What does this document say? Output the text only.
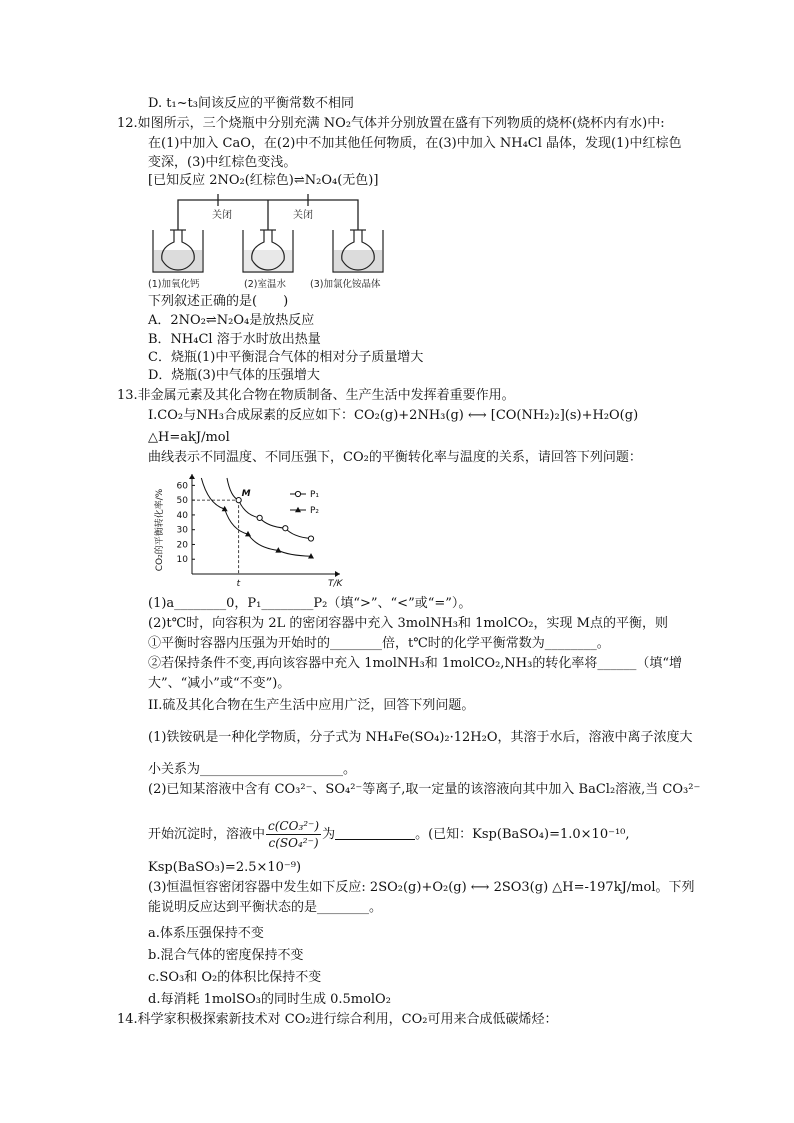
D. t₁~t₃间该反应的平衡常数不相同
12.如图所示，三个烧瓶中分别充满 NO₂气体并分别放置在盛有下列物质的烧杯(烧杯内有水)中:
在(1)中加入 CaO，在(2)中不加其他任何物质，在(3)中加入 NH₄Cl 晶体，发现(1)中红棕色
变深，(3)中红棕色变浅。
[已知反应 2NO₂(红棕色)⇌N₂O₄(无色)]
关闭	关闭
(1)加氧化钙	(2)室温水	(3)加氯化铵晶体
下列叙述正确的是(　　)
A．2NO₂⇌N₂O₄是放热反应
B．NH₄Cl 溶于水时放出热量
C．烧瓶(1)中平衡混合气体的相对分子质量增大
D．烧瓶(3)中气体的压强增大
13.非金属元素及其化合物在物质制备、生产生活中发挥着重要作用。
I.CO₂与NH₃合成尿素的反应如下：CO₂(g)+2NH₃(g) ⟷ [CO(NH₂)₂](s)+H₂O(g)
△H=akJ/mol
曲线表示不同温度、不同压强下，CO₂的平衡转化率与温度的关系，请回答下列问题：
CO₂的平衡转化率/%
60
50
40
30
20
10
T/K
t
M	P₁
P₂
(1)a________0，P₁________P₂（填“>”、“<”或“=”）。
(2)t℃时，向容积为 2L 的密闭容器中充入 3molNH₃和 1molCO₂，实现 M点的平衡，则
①平衡时容器内压强为开始时的________倍，t℃时的化学平衡常数为________。
②若保持条件不变,再向该容器中充入 1molNH₃和 1molCO₂,NH₃的转化率将______（填“增
大”、“减小”或“不变”)。
II.硫及其化合物在生产生活中应用广泛，回答下列问题。
(1)铁铵矾是一种化学物质，分子式为 NH₄Fe(SO₄)₂·12H₂O，其溶于水后，溶液中离子浓度大
小关系为______________________。
(2)已知某溶液中含有 CO₃²⁻、SO₄²⁻等离子,取一定量的该溶液向其中加入 BaCl₂溶液,当 CO₃²⁻
开始沉淀时，溶液中 $\frac{\text{c(CO₃²⁻)}}{\text{c(SO₄²⁻)}}$ 为	。(已知：Ksp(BaSO₄)=1.0×10⁻¹⁰,
Ksp(BaSO₃)=2.5×10⁻⁹)
(3)恒温恒容密闭容器中发生如下反应: 2SO₂(g)+O₂(g) ⟷ 2SO3(g) △H=-197kJ/mol。下列
能说明反应达到平衡状态的是________。
a.体系压强保持不变
b.混合气体的密度保持不变
c.SO₃和 O₂的体积比保持不变
d.每消耗 1molSO₃的同时生成 0.5molO₂
14.科学家积极探索新技术对 CO₂进行综合利用，CO₂可用来合成低碳烯烃：
